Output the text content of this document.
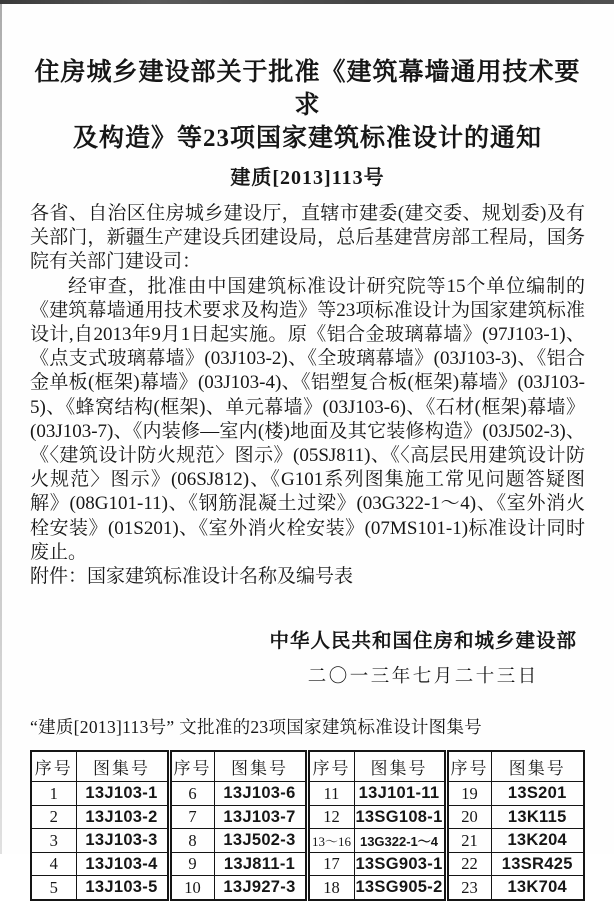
住房城乡建设部关于批准《建筑幕墙通用技术要求
及构造》等23项国家建筑标准设计的通知
建质[2013]113号
各省、自治区住房城乡建设厅，直辖市建委(建交委、规划委)及有关部门，新疆生产建设兵团建设局，总后基建营房部工程局，国务院有关部门建设司：
经审查，批准由中国建筑标准设计研究院等15个单位编制的《建筑幕墙通用技术要求及构造》等23项标准设计为国家建筑标准设计,自2013年9月1日起实施。原《铝合金玻璃幕墙》(97J103-1)、《点支式玻璃幕墙》(03J103-2)、《全玻璃幕墙》(03J103-3)、《铝合金单板(框架)幕墙》(03J103-4)、《铝塑复合板(框架)幕墙》(03J103-5)、《蜂窝结构(框架)、单元幕墙》(03J103-6)、《石材(框架)幕墙》(03J103-7)、《内装修—室内(楼)地面及其它装修构造》(03J502-3)、《〈建筑设计防火规范〉图示》(05SJ811)、《〈高层民用建筑设计防火规范〉图示》(06SJ812)、《G101系列图集施工常见问题答疑图解》(08G101-11)、《钢筋混凝土过梁》(03G322-1～4)、《室外消火栓安装》(01S201)、《室外消火栓安装》(07MS101-1)标准设计同时废止。
附件：国家建筑标准设计名称及编号表
中华人民共和国住房和城乡建设部
二〇一三年七月二十三日
“建质[2013]113号” 文批准的23项国家建筑标准设计图集号
序号	图集号	序号	图集号	序号	图集号	序号	图集号
1	13J103-1	6	13J103-6	11	13J101-11	19	13S201
2	13J103-2	7	13J103-7	12	13SG108-1	20	13K115
3	13J103-3	8	13J502-3	13～16	13G322-1～4	21	13K204
4	13J103-4	9	13J811-1	17	13SG903-1	22	13SR425
5	13J103-5	10	13J927-3	18	13SG905-2	23	13K704
